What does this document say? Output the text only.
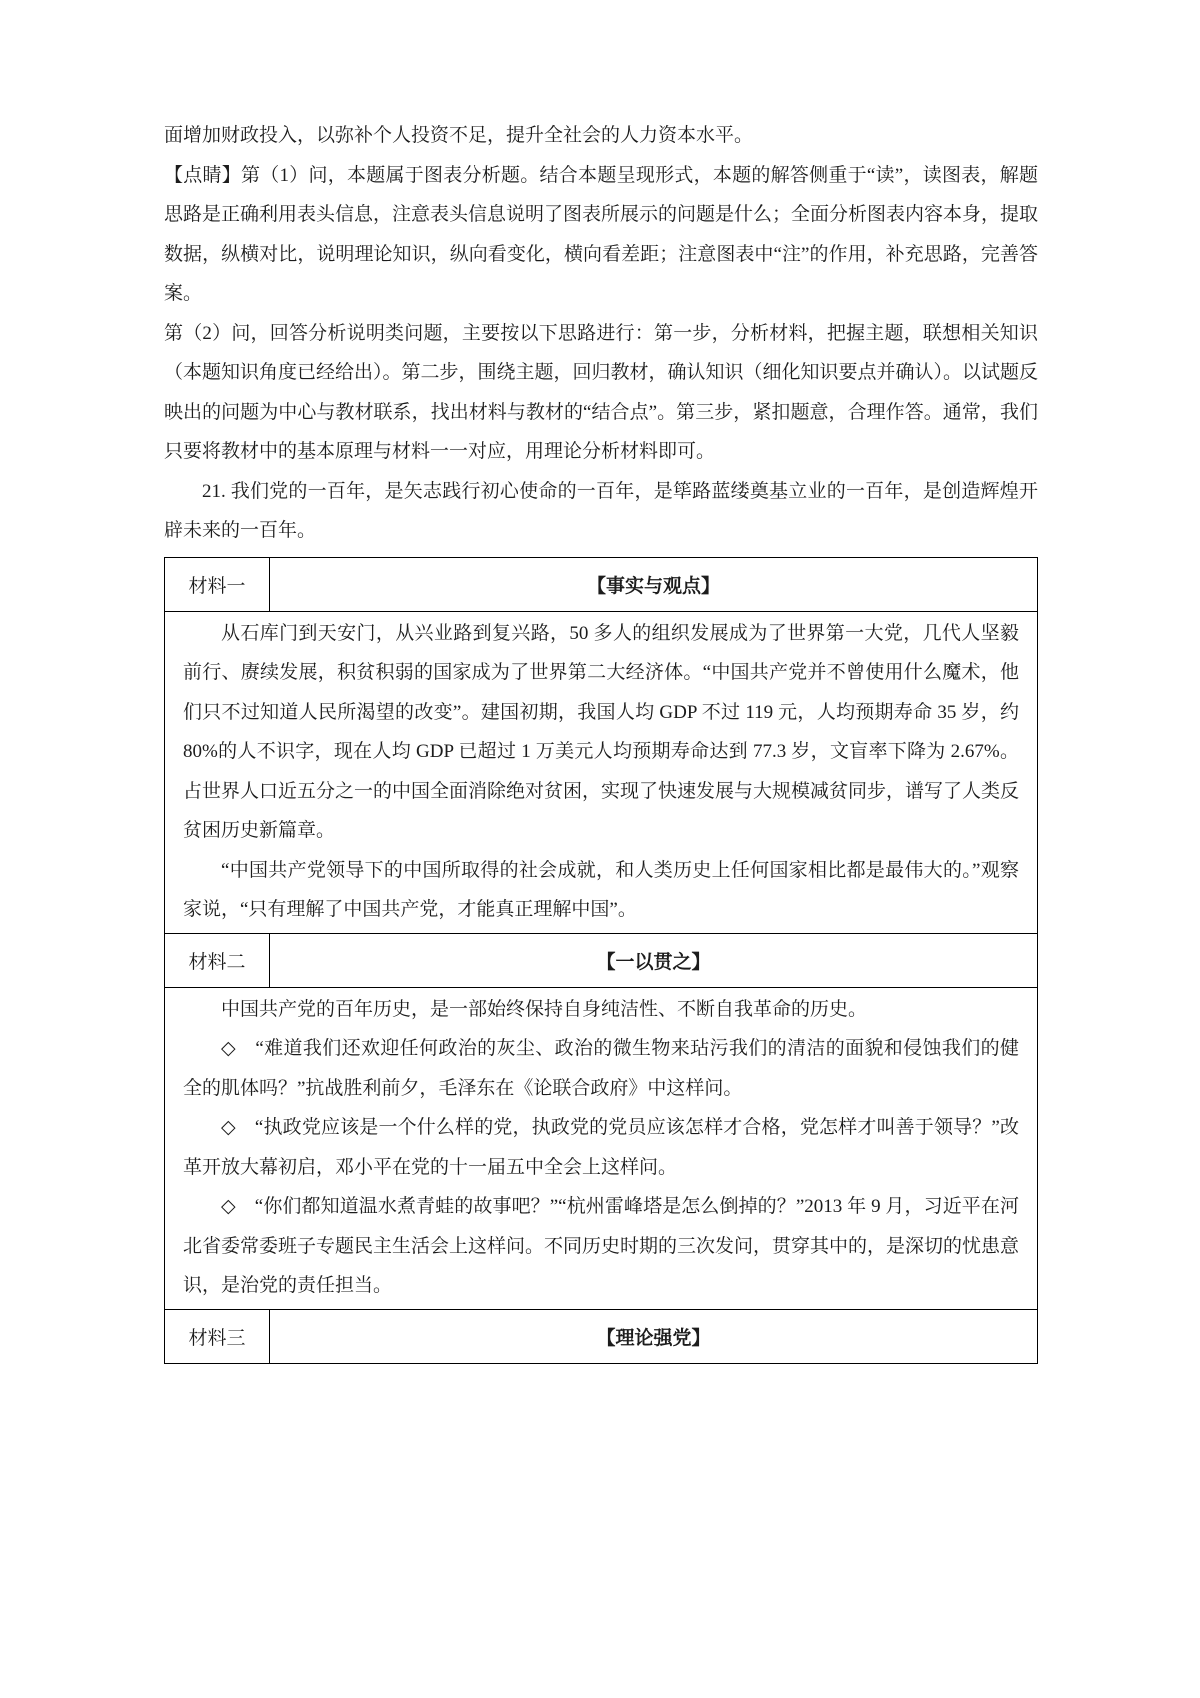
面增加财政投入，以弥补个人投资不足，提升全社会的人力资本水平。

【点睛】第（1）问，本题属于图表分析题。结合本题呈现形式，本题的解答侧重于“读”，读图表，解题思路是正确利用表头信息，注意表头信息说明了图表所展示的问题是什么；全面分析图表内容本身，提取数据，纵横对比，说明理论知识，纵向看变化，横向看差距；注意图表中“注”的作用，补充思路，完善答案。

第（2）问，回答分析说明类问题，主要按以下思路进行：第一步，分析材料，把握主题，联想相关知识（本题知识角度已经给出）。第二步，围绕主题，回归教材，确认知识（细化知识要点并确认）。以试题反映出的问题为中心与教材联系，找出材料与教材的“结合点”。第三步，紧扣题意，合理作答。通常，我们只要将教材中的基本原理与材料一一对应，用理论分析材料即可。

21. 我们党的一百年，是矢志践行初心使命的一百年，是筚路蓝缕奠基立业的一百年，是创造辉煌开辟未来的一百年。

材料一	【事实与观点】

从石库门到天安门，从兴业路到复兴路，50 多人的组织发展成为了世界第一大党，几代人坚毅前行、赓续发展，积贫积弱的国家成为了世界第二大经济体。“中国共产党并不曾使用什么魔术，他们只不过知道人民所渴望的改变”。建国初期，我国人均 GDP 不过 119 元，人均预期寿命 35 岁，约 80%的人不识字，现在人均 GDP 已超过 1 万美元人均预期寿命达到 77.3 岁，文盲率下降为 2.67%。占世界人口近五分之一的中国全面消除绝对贫困，实现了快速发展与大规模减贫同步，谱写了人类反贫困历史新篇章。

“中国共产党领导下的中国所取得的社会成就，和人类历史上任何国家相比都是最伟大的。”观察家说，“只有理解了中国共产党，才能真正理解中国”。	

材料二	【一以贯之】

中国共产党的百年历史，是一部始终保持自身纯洁性、不断自我革命的历史。

◇　“难道我们还欢迎任何政治的灰尘、政治的微生物来玷污我们的清洁的面貌和侵蚀我们的健全的肌体吗？”抗战胜利前夕，毛泽东在《论联合政府》中这样问。

◇　“执政党应该是一个什么样的党，执政党的党员应该怎样才合格，党怎样才叫善于领导？”改革开放大幕初启，邓小平在党的十一届五中全会上这样问。

◇　“你们都知道温水煮青蛙的故事吧？”“杭州雷峰塔是怎么倒掉的？”2013 年 9 月，习近平在河北省委常委班子专题民主生活会上这样问。不同历史时期的三次发问，贯穿其中的，是深切的忧患意识，是治党的责任担当。	

材料三	【理论强党】
